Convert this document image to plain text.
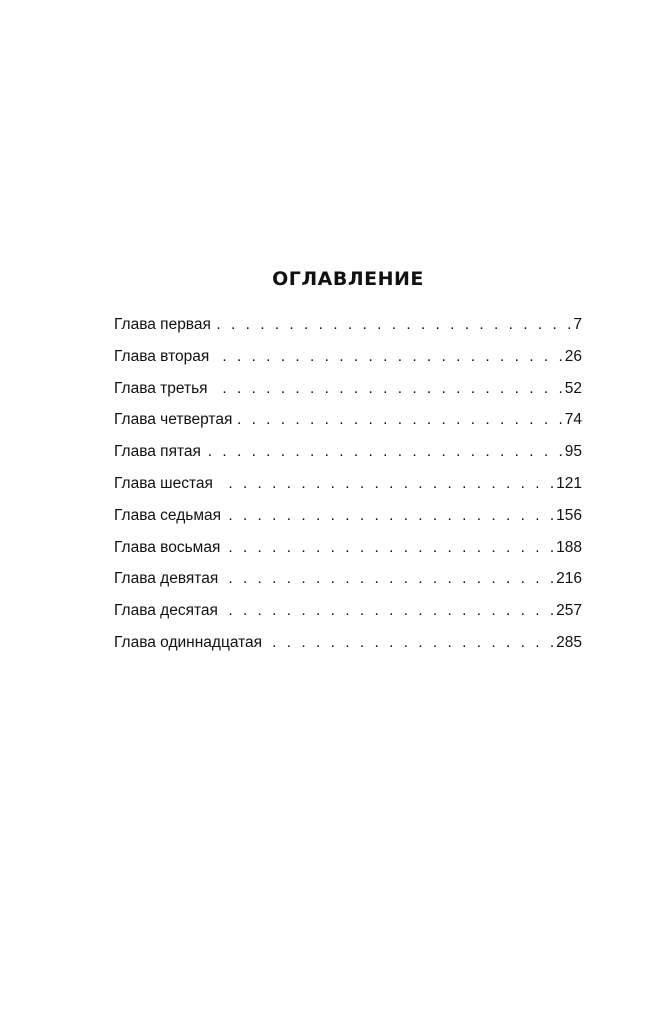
ОГЛАВЛЕНИЕ
Глава первая . . .	7
Глава вторая . . .	26
Глава третья . . .	52
Глава четвертая . . .	74
Глава пятая . . .	95
Глава шестая . . .	121
Глава седьмая . . .	156
Глава восьмая . . .	188
Глава девятая . . .	216
Глава десятая . . .	257
Глава одиннадцатая . . .	285
